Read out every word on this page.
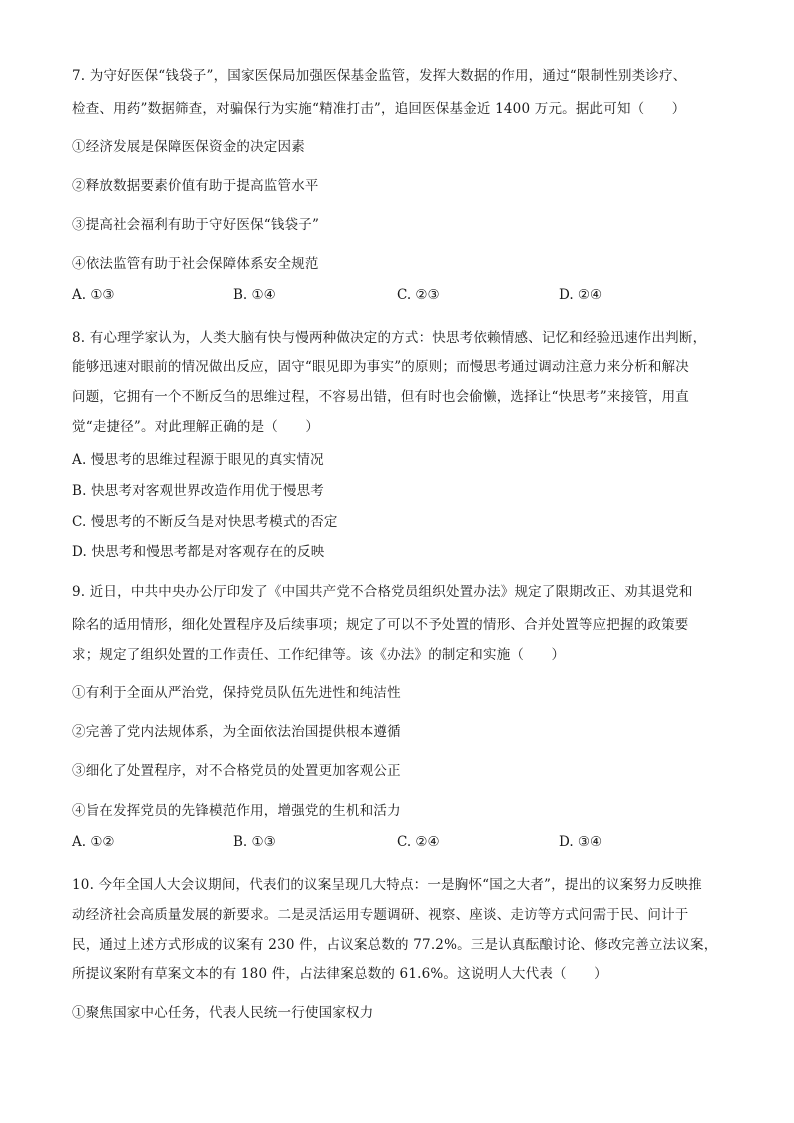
7. 为守好医保“钱袋子”，国家医保局加强医保基金监管，发挥大数据的作用，通过“限制性别类诊疗、
检查、用药”数据筛查，对骗保行为实施“精准打击”，追回医保基金近 1400 万元。据此可知（　　）
①经济发展是保障医保资金的决定因素
②释放数据要素价值有助于提高监管水平
③提高社会福利有助于守好医保“钱袋子”
④依法监管有助于社会保障体系安全规范
A. ①③	B. ①④	C. ②③	D. ②④
8. 有心理学家认为，人类大脑有快与慢两种做决定的方式：快思考依赖情感、记忆和经验迅速作出判断，
能够迅速对眼前的情况做出反应，固守“眼见即为事实”的原则；而慢思考通过调动注意力来分析和解决
问题，它拥有一个不断反刍的思维过程，不容易出错，但有时也会偷懒，选择让“快思考”来接管，用直
觉“走捷径”。对此理解正确的是（　　）
A. 慢思考的思维过程源于眼见的真实情况
B. 快思考对客观世界改造作用优于慢思考
C. 慢思考的不断反刍是对快思考模式的否定
D. 快思考和慢思考都是对客观存在的反映
9. 近日，中共中央办公厅印发了《中国共产党不合格党员组织处置办法》规定了限期改正、劝其退党和
除名的适用情形，细化处置程序及后续事项；规定了可以不予处置的情形、合并处置等应把握的政策要
求；规定了组织处置的工作责任、工作纪律等。该《办法》的制定和实施（　　）
①有利于全面从严治党，保持党员队伍先进性和纯洁性
②完善了党内法规体系，为全面依法治国提供根本遵循
③细化了处置程序，对不合格党员的处置更加客观公正
④旨在发挥党员的先锋模范作用，增强党的生机和活力
A. ①②	B. ①③	C. ②④	D. ③④
10. 今年全国人大会议期间，代表们的议案呈现几大特点：一是胸怀“国之大者”，提出的议案努力反映推
动经济社会高质量发展的新要求。二是灵活运用专题调研、视察、座谈、走访等方式问需于民、问计于
民，通过上述方式形成的议案有 230 件，占议案总数的 77.2%。三是认真酝酿讨论、修改完善立法议案，
所提议案附有草案文本的有 180 件，占法律案总数的 61.6%。这说明人大代表（　　）
①聚焦国家中心任务，代表人民统一行使国家权力
